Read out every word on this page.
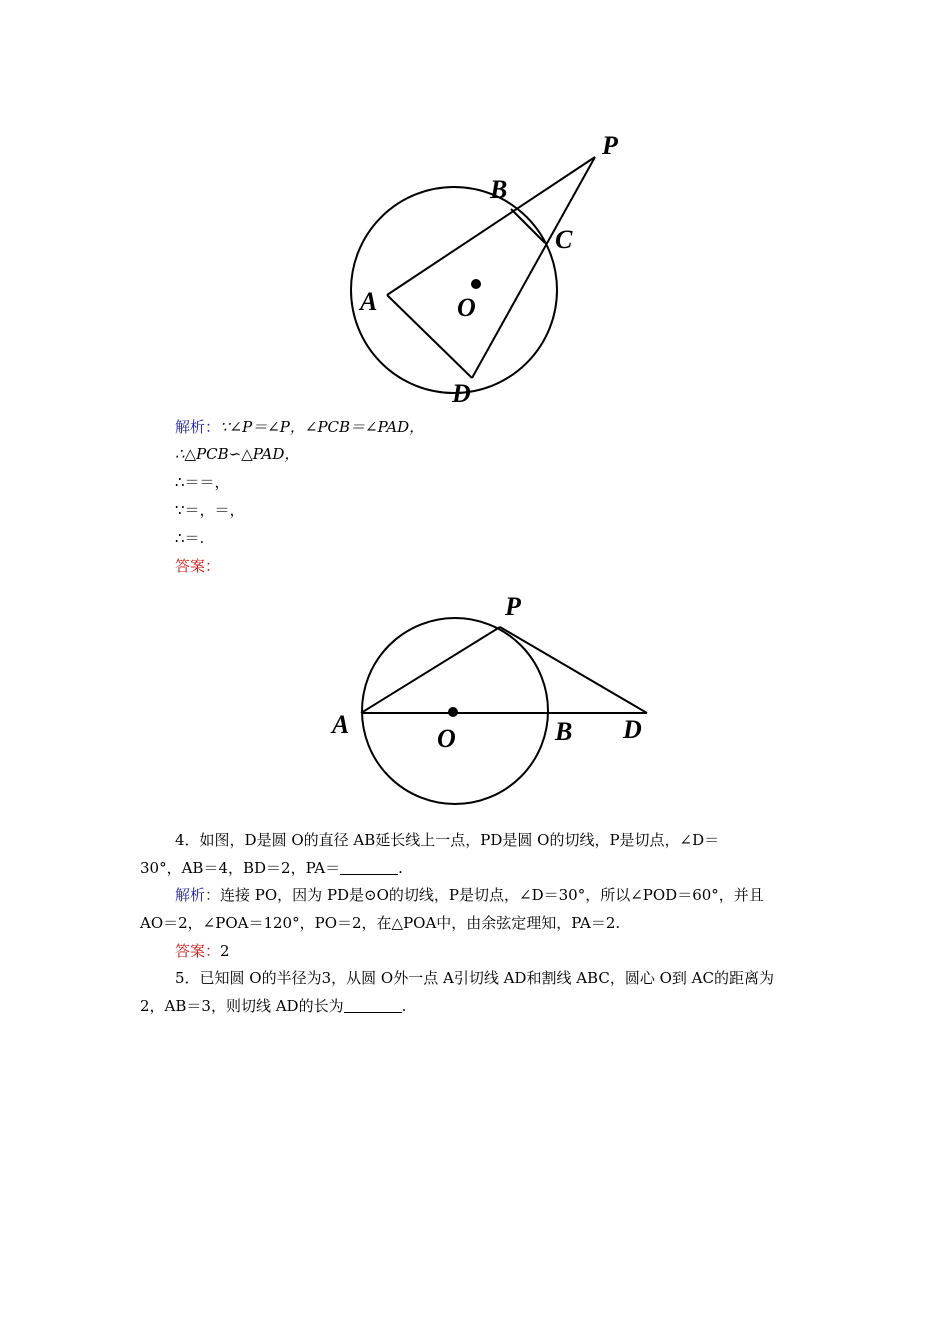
P
B
C
A	O
D
解析：∵∠P＝∠P，∠PCB＝∠PAD，
∴△PCB∽△PAD，
∴＝＝，
∵＝，＝，
∴＝.
答案：
P
A	O	B D
4．如图，D是圆 O的直径 AB延长线上一点，PD是圆 O的切线，P是切点，∠D＝
30°，AB＝4，BD＝2，PA＝	.
解析：连接 PO，因为 PD是⊙O的切线，P是切点，∠D＝30°，所以∠POD＝60°，并且
AO＝2，∠POA＝120°，PO＝2，在△POA中，由余弦定理知，PA＝2.
答案：2
5．已知圆 O的半径为3，从圆 O外一点 A引切线 AD和割线 ABC，圆心 O到 AC的距离为
2，AB＝3，则切线 AD的长为	.
